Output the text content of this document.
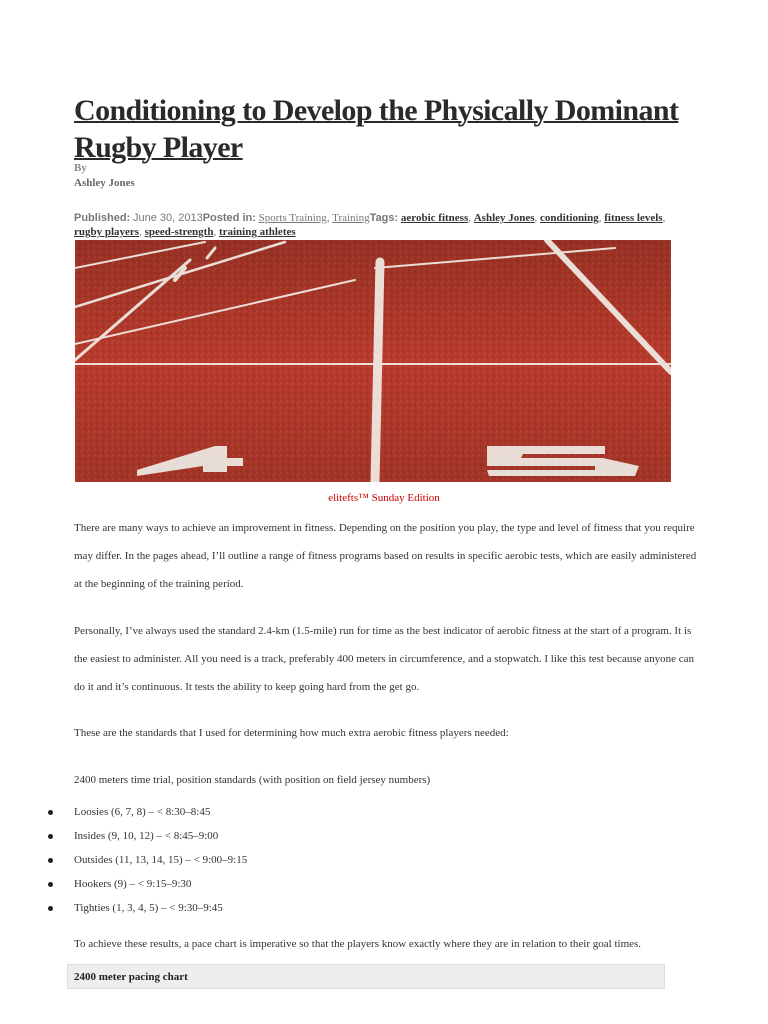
Conditioning to Develop the Physically Dominant Rugby Player
By
Ashley Jones
Published: June 30, 2013Posted in: Sports Training, TrainingTags: aerobic fitness, Ashley Jones, conditioning, fitness levels, rugby players, speed-strength, training athletes
elitefts™ Sunday Edition

There are many ways to achieve an improvement in fitness. Depending on the position you play, the type and level of fitness that you require may differ. In the pages ahead, I’ll outline a range of fitness programs based on results in specific aerobic tests, which are easily administered at the beginning of the training period.

Personally, I’ve always used the standard 2.4-km (1.5-mile) run for time as the best indicator of aerobic fitness at the start of a program. It is the easiest to administer. All you need is a track, preferably 400 meters in circumference, and a stopwatch. I like this test because anyone can do it and it’s continuous. It tests the ability to keep going hard from the get go.

These are the standards that I used for determining how much extra aerobic fitness players needed:

2400 meters time trial, position standards (with position on field jersey numbers)

Loosies (6, 7, 8) – < 8:30–8:45
Insides (9, 10, 12) – < 8:45–9:00
Outsides (11, 13, 14, 15) – < 9:00–9:15
Hookers (9) – < 9:15–9:30
Tighties (1, 3, 4, 5) – < 9:30–9:45

To achieve these results, a pace chart is imperative so that the players know exactly where they are in relation to their goal times.

2400 meter pacing chart
